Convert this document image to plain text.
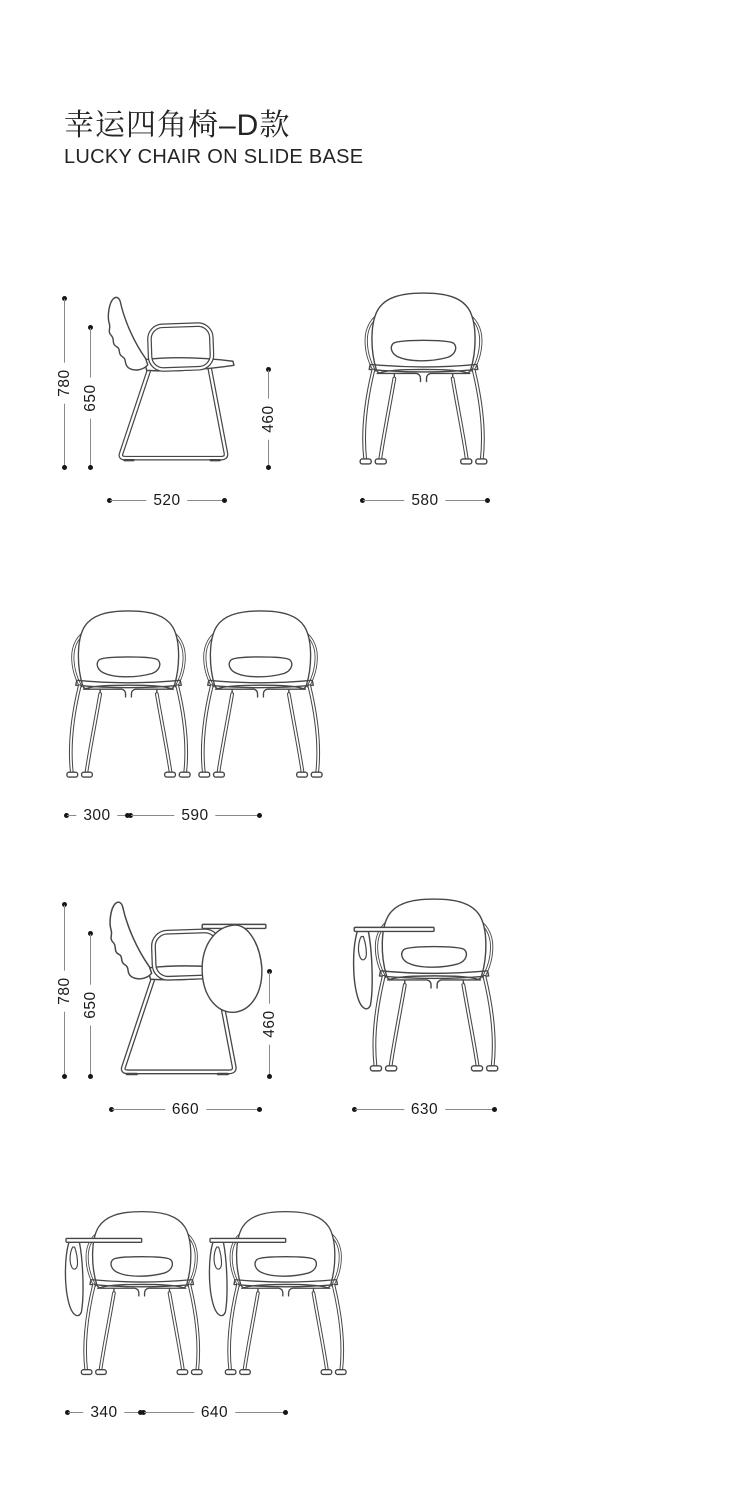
幸运四角椅–D款
LUCKY CHAIR ON SLIDE BASE
780
650
460
520	580
300	590
780
650
460
660	630
340	640
